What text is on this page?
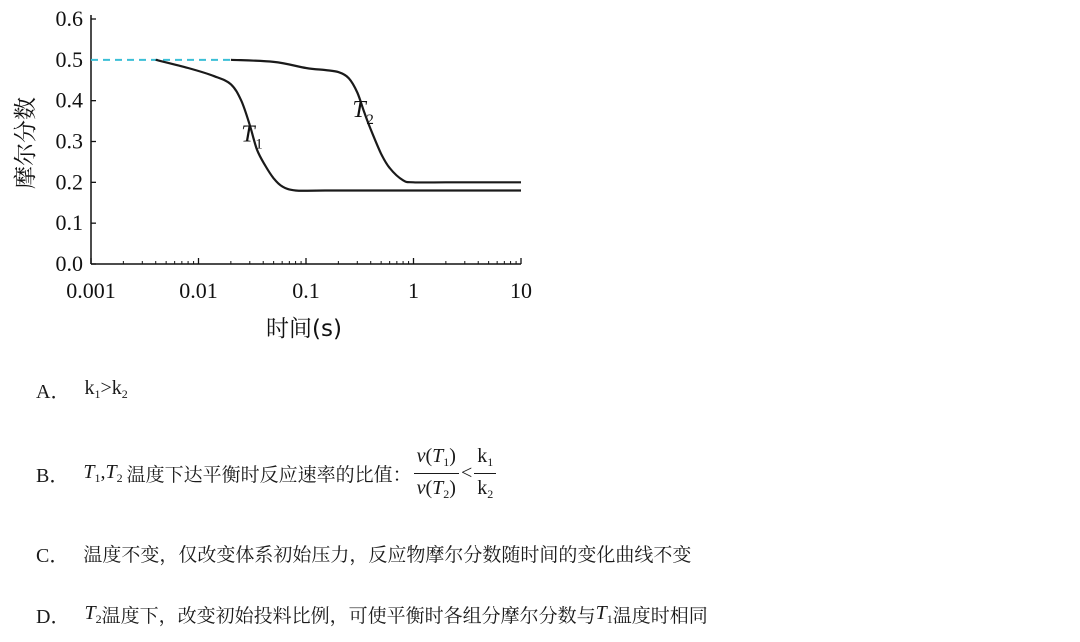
0.0
0.1
0.2
0.3
0.4
0.5
0.6
0.001	0.01	0.1	1	10
T 1
T 2
摩尔分数
时间(s)
A． $k_1>k_2$
B． $T_1,T_2$ 温度下达平衡时反应速率的比值： $\frac{v(T_1)}{v(T_2)} < \frac{k_1}{k_2}$
C． 温度不变，仅改变体系初始压力，反应物摩尔分数随时间的变化曲线不变
D． $T_2$ 温度下，改变初始投料比例，可使平衡时各组分摩尔分数与 $T_1$ 温度时相同
